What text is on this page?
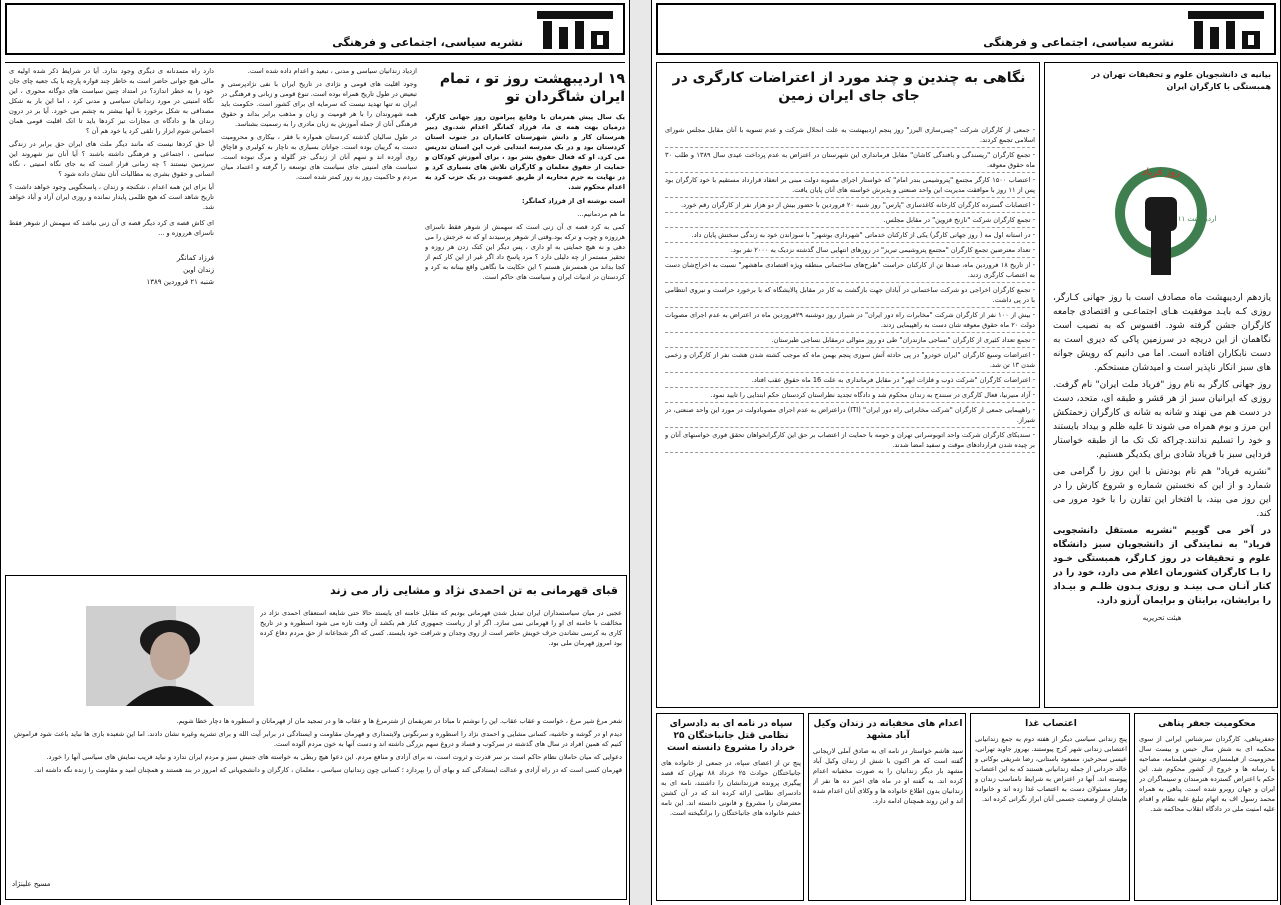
نشریه سیاسی، اجتماعی و فرهنگی

دارد راه متمدنانه ی دیگری وجود ندارد. آیا در شرایط ذکر شده اولیه ی مالی هیچ جوانی حاضر است به خاطر چند قواره پارچه یا یک جعبه چای جان خود را به خطر اندازد؟ در امتداد چنین سیاست های دوگانه محوری ، این نگاه امنیتی در مورد زندانیان سیاسی و مدنی کرد ، اما این بار به شکل مصداقی به شکل برخورد با آنها بیشتر به چشم می خورد. آیا بر در درون زندان ها و دادگاه ی مجازات تیز کردها باید تا اتک اقلیت قومی همان احساس شوم ابزار را تلقی کرد یا خود هم آن ؟

آیا حق کردها نیست که مانند دیگر ملت های ایران حق برابر در زندگی سیاسی ، اجتماعی و فرهنگی داشته باشند ؟ آیا آنان نیز شهروند این سرزمین نیستند ؟ چه زمانی قرار است که به جای نگاه امنیتی ، نگاه انسانی و حقوق بشری به مطالبات آنان نشان داده شود ؟

آیا برای این همه اعدام ، شکنجه و زندان ، پاسخگویی وجود خواهد داشت ؟ تاریخ شاهد است که هیچ ظلمی پایدار نمانده و روزی ایران آزاد و آباد خواهد شد.

ای کاش قصه ی کرد دیگر قصه ی آن زنی نباشد که سهمش از شوهر فقط ناسزای هرروزه و ...

فرزاد کمانگر
زندان اوین
شنبه ۲۱ فروردین ۱۳۸۹

ازدیاد زندانیان سیاسی و مدنی ، تبعید و اعدام داده شده است.

وجود اقلیت های قومی و نژادی در تاریخ ایران با نفی نژادپرستی و تبعیض در طول تاریخ همراه بوده است. تنوع قومی و زبانی و فرهنگی در ایران نه تنها تهدید نیست که سرمایه ای برای کشور است. حکومت باید همه شهروندان را با هر قومیت و زبان و مذهب برابر بداند و حقوق فرهنگی آنان از جمله آموزش به زبان مادری را به رسمیت بشناسد.

در طول سالیان گذشته کردستان همواره با فقر ، بیکاری و محرومیت دست به گریبان بوده است. جوانان بسیاری به ناچار به کولبری و قاچاق روی آورده اند و سهم آنان از زندگی جز گلوله و مرگ نبوده است. سیاست های امنیتی جای سیاست های توسعه را گرفته و اعتماد میان مردم و حاکمیت روز به روز کمتر شده است.

۱۹ اردیبهشت روز تو ، تمام ایران شاگردان تو

یک سال پیش همزمان با وقایع پیرامون روز جهانی کارگر، درمیان بهت همه ی ما، فرزاد کمانگر اعدام شد.وی دبیر هنرستان کار و دانش شهرستان کامیاران در جنوب استان کردستان بود و در یک مدرسه ابتدایی غرب این استان تدریس می کرد. او که فعال حقوق بشر بود ، برای آموزش کودکان و حمایت از حقوق معلمان و کارگران تلاش های بسیاری کرد و در نهایت به جرم محاربه از طریق عضویت در یک حزب کرد به اعدام محکوم شد.

است نوشته ای از فرزاد کمانگر:

ما هم مردمانیم...

کمی به کرد قصه ی آن زنی است که سهمش از شوهر فقط ناسزای هرروزه و چوب و ترکه بود.وقتی از شوهر پرسیدند او که نه خرجش را می دهی و نه هیچ حمایتی به او داری ، پس دیگر این کتک زدن هر روزه و تحقیر مستمر از چه دلیلی دارد ؟ مرد پاسخ داد اگر غیر از این کار کنم از کجا بداند من همسرش هستم ؟ این حکایت ما نگاهی واقع بینانه به کرد و کردستان در ادبیات ایران و سیاست های حاکم است.

قبای قهرمانی به تن احمدی نژاد و مشایی زار می زند
عجبی در میان سیاستمداران ایران تبدیل شدن قهرمانی بودیم که مقابل خامنه ای بایستد حالا حتی شایعه استعفای احمدی نژاد در مخالفت با خامنه ای او را قهرمانی نمی سازد. اگر او از ریاست جمهوری کنار هم بکشد آن وقت تازه می شود اسطوره و در تاریخ کاری به کرسی نشاندن حرف خویش حاضر است از روی وجدان و شرافت خود بایستد. کسی که اگر شجاعانه از حق مردم دفاع کرده بود امروز قهرمان ملی بود.

شعر مرغ شیر مرغ ، خواست و عقاب عقاب. این را نوشتم تا مبادا در تعریفمان از شترمرغ ها و عقاب ها و در تمجید مان از قهرمانان و اسطوره ها دچار خطا شویم.

دیدم او در گوشه و حاشیه، کسانی مشایی و احمدی نژاد را اسطوره و سرنگونی ولایتمداری و قهرمان مقاومت و ایستادگی در برابر آیت الله و برای تشریه وغیره نشان دادند. اما این شعبده بازی ها نباید باعث شود فراموش کنیم که همین افراد در سال های گذشته در سرکوب و فساد و دروغ سهم بزرگی داشته اند و دست آنها به خون مردم آلوده است.

دعوایی که میان حاملان نظام حاکم است بر سر قدرت و ثروت است، نه برای آزادی و منافع مردم. این دعوا هیچ ربطی به خواسته های جنبش سبز و مردم ایران ندارد و نباید فریب نمایش های سیاسی آنها را خورد.

قهرمان کسی است که در راه آزادی و عدالت ایستادگی کند و بهای آن را بپردازد ؛ کسانی چون زندانیان سیاسی ، معلمان ، کارگران و دانشجویانی که امروز در بند هستند و همچنان امید و مقاومت را زنده نگه داشته اند.

مسیح علینژاد
نشریه سیاسی، اجتماعی و فرهنگی
بیانیه ی دانشجویان علوم و تحقیقات تهران در همبستگی با کارگران ایران
روز فریاد
۱۱ اردیبهشت

یازدهم اردیبهشت ماه مصادف است با روز جهانی کـارگر، روزی کـه بایـد موفقیت هـای اجتماعـی و اقتصادی جامعه کارگران جشن گرفته شود. افسوس که به نصیب است نگاهمان از این دریچه در سرزمین پاکی که دیری است به دست نابکاران افتاده است. اما می دانیم که رویش جوانه های سبز انکار ناپذیر است و امیدشان مستحکم.

روز جهانی کارگر به نام روز "فریاد ملت ایران" نام گرفت. روزی که ایرانیان سبز از هر قشر و طبقه ای، متحد، دست در دست هم می نهند و شانه به شانه ی کارگران زحمتکش این مرز و بوم همراه می شوند تا علیه ظلم و بیداد بایستند و خود را تسلیم ندانند.چراکه تک تک ما از طبقه خواستار فردایی سبز با فریاد شادی برای یکدیگر هستیم.

"نشریه فریاد" هم نام بودنش با این روز را گرامی می شمارد و از این که نخستین شماره و شروع کارش را در این روز می بیند، با افتخار این تقارن را با خود مرور می کند.

در آخر می گوییم "نشریه مستقل دانشجویی فریاد" به نمایندگی از دانشجویان سبز دانشگاه علوم و تحقیقات در روز کـارگر، همبستگی خـود را بـا کارگران کشورمان اعلام می دارد، خود را در کنار آنـان مـی بینـد و روزی بـدون ظلـم و بیـداد را برایشان، برایتان و برایمان آرزو دارد.

هیئت تحریریه

نگاهی به چندین و چند مورد از اعتراضات کارگری در جای جای ایران زمین
- جمعی از کارگران شرکت "چینی‌سازی البرز" روز پنجم اردیبهشت به علت انحلال شرکت و عدم تسویه با آنان مقابل مجلس شورای اسلامی تجمع کردند.
- تجمع کارگران "ریسندگی و بافندگی کاشان" مقابل فرمانداری این شهرستان در اعتراض به عدم پرداخت عیدی سال ۱۳۸۹ و طلب ۳۰ ماه حقوق معوقه.
- اعتصاب ۱۵۰۰ کارگر مجتمع "پتروشیمی بندر امام" که خواستار اجرای مصوبه دولت مبنی بر انعقاد قرارداد مستقیم با خود کارگران بود پس از ۱۱ روز با موافقت مدیریت این واحد صنعتی و پذیرش خواسته های آنان پایان یافت.
- اعتصابات گسترده کارگران کارخانه کاغذسازی "پارس" روز شنبه ۲۰ فروردین با حضور بیش از دو هزار نفر از کارگران رقم خورد.
- تجمع کارگران شرکت "نازنخ قزوین" در مقابل مجلس.
- در استانه اول مه ( روز جهانی کارگر) یکی از کارکنان خدماتی "شهرداری بوشهر" با سوزاندن خود به زندگی سختش پایان داد.
- تعداد معترضین تجمع کارگران "مجتمع پتروشیمی تبریز" در روزهای انتهایی سال گذشته نزدیک به ۲۰۰۰ نفر بود.
- از تاریخ ۱۸ فروردین ماه، صدها تن از کارکنان حراست "طرح‌های ساختمانی منطقه ویژه اقتصادی ماهشهر" نسبت به اخراج‌شان دست به اعتصاب کارگری زدند.
- تجمع کارگران اخراجی دو شرکت ساختمانی در آبادان جهت بازگشت به کار در مقابل پالایشگاه که با برخورد حراست و نیروی انتظامی با در پی داشت.
- بیش از ۱۰۰ نفر از کارگران شرکت "مخابرات راه دور ایران" در شیراز روز دوشنبه ۲۹فروردین ماه در اعتراض به عدم اجرای مصوبات دولت ۲۰ ماه حقوق معوقه شان دست به راهپیمایی زدند.
- تجمع تعداد کثیری از کارگران "نساجی مازندران" طی دو روز متوالی درمقابل نساجی طبرستان.
- اعتراضات وسیع کارگران "ایران خودرو" در پی حادثه آتش سوزی پنجم بهمن ماه که موجب کشته شدن هشت نفر از کارگران و زخمی شدن ۱۳ تن شد.
- اعتراضات کارگران "شرکت ذوب و فلزات ابهر" در مقابل فرمانداری به علت 16 ماه حقوق عقب افتاد.
- آزاد منیرنیا، فعال کارگری در سنندج به زندان محکوم شد و دادگاه تجدید نظراستان کردستان حکم ابتدایی را تایید نمود.
- راهپیمایی جمعی از کارگران "شرکت مخابراتی راه دور ایران" (ITI) دراعتراض به عدم اجرای مصوبادولت در مورد این واحد صنعتی، در شیراز.
- سندیکای کارگران شرکت واحد اتوبوسرانی تهران و حومه با حمایت از اعتصاب بر حق این کارگرانخواهان تحقق فوری خواستهای آنان و بر چیده شدن قراردادهای موقت و سفید امضا شدند.
محکومیت جعفر پناهی

جعفرپناهی، کارگردان سرشناس ایرانی از سوی محکمه ای به شش سال حبس و بیست سال محرومیت از فیلمسازی، نوشتن فیلمنامه، مصاحبه با رسانه ها و خروج از کشور محکوم شد. این حکم با اعتراض گسترده هنرمندان و سینماگران در ایران و جهان روبرو شده است. پناهی به همراه محمد رسول اف به اتهام تبلیغ علیه نظام و اقدام علیه امنیت ملی در دادگاه انقلاب محاکمه شد.

اعتصاب غذا

پنج زندانی سیاسی دیگر از هفته دوم به جمع زندانیانی اعتصابی زندانی شهر کرج پیوستند. بهروز جاوید تهرانی، عیسی سحرخیز، مسعود باستانی، رضا شریفی بوکانی و خالد حردانی از جمله زندانیانی هستند که به این اعتصاب پیوسته اند. آنها در اعتراض به شرایط نامناسب زندان و رفتار مسئولان دست به اعتصاب غذا زده اند و خانواده هایشان از وضعیت جسمی آنان ابراز نگرانی کرده اند.

اعدام های مخفیانه در زندان وکیل آباد مشهد

سید هاشم خواستار در نامه ای به صادق آملی لاریجانی گفته است که هر اکنون با شش از زندان وکیل آباد مشهد بار دیگر زندانیان را به صورت مخفیانه اعدام کرده اند. به گفته او در ماه های اخیر ده ها نفر از زندانیان بدون اطلاع خانواده ها و وکلای آنان اعدام شده اند و این روند همچنان ادامه دارد.

سپاه در نامه ای به دادسرای نظامی قتل جانباختگان ۲۵ خرداد را مشروع دانسته است

پنج تن از اعضای سپاه، در جمعی از خانواده های جانباختگان حوادث ۲۵ خرداد ۸۸ تهران که قصد پیگیری پرونده فرزندانشان را داشتند، نامه ای به دادسرای نظامی ارائه کرده اند که در آن کشتن معترضان را مشروع و قانونی دانسته اند. این نامه خشم خانواده های جانباختگان را برانگیخته است.
